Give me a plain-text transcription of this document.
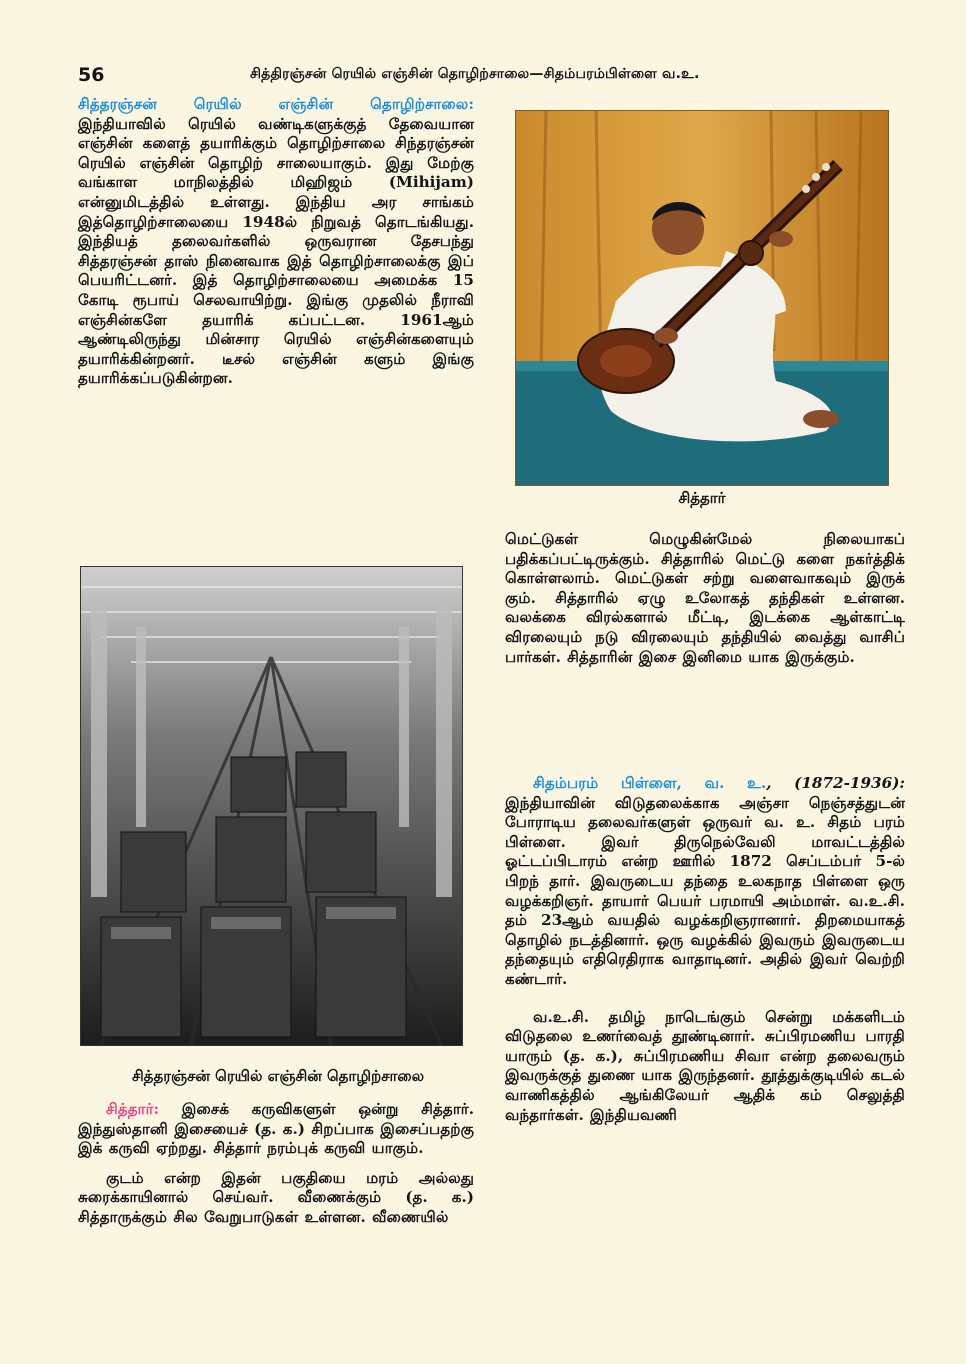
56	சித்திரஞ்சன் ரெயில் எஞ்சின் தொழிற்சாலை—சிதம்பரம்பிள்ளை வ.உ.

சித்தரஞ்சன் ரெயில் எஞ்சின் தொழிற்சாலை: இந்தியாவில் ரெயில் வண்டிகளுக்குத் தேவையான எஞ்சின் களைத் தயாரிக்கும் தொழிற்சாலை சிந்தரஞ்சன் ரெயில் எஞ்சின் தொழிற் சாலையாகும். இது மேற்கு வங்காள மாநிலத்தில் மிஹிஜம் (Mihijam) என்னுமிடத்தில் உள்ளது. இந்திய அர சாங்கம் இத்தொழிற்சாலையை 1948ல் நிறுவத் தொடங்கியது. இந்தியத் தலைவர்களில் ஒருவரான தேசபந்து சித்தரஞ்சன் தாஸ் நினைவாக இத் தொழிற்சாலைக்கு இப் பெயரிட்டனர். இத் தொழிற்சாலையை அமைக்க 15 கோடி ரூபாய் செலவாயிற்று. இங்கு முதலில் நீராவி எஞ்சின்களே தயாரிக் கப்பட்டன. 1961ஆம் ஆண்டிலிருந்து மின்சார ரெயில் எஞ்சின்களையும் தயாரிக்கின்றனர். டீசல் எஞ்சின் களும் இங்கு தயாரிக்கப்படுகின்றன.

சித்தரஞ்சன் ரெயில் எஞ்சின் தொழிற்சாலை

சித்தார்: இசைக் கருவிகளுள் ஒன்று சித்தார். இந்துஸ்தானி இசையைச் (த. க.) சிறப்பாக இசைப்பதற்கு இக் கருவி ஏற்றது. சித்தார் நரம்புக் கருவி யாகும்.

குடம் என்ற இதன் பகுதியை மரம் அல்லது சுரைக்காயினால் செய்வர். வீணைக்கும் (த. க.) சித்தாருக்கும் சில வேறுபாடுகள் உள்ளன. வீணையில்

சித்தார்

மெட்டுகள் மெழுகின்மேல் நிலையாகப் பதிக்கப்பட்டிருக்கும். சித்தாரில் மெட்டு களை நகர்த்திக் கொள்ளலாம். மெட்டுகள் சற்று வளைவாகவும் இருக் கும். சித்தாரில் ஏழு உலோகத் தந்திகள் உள்ளன. வலக்கை விரல்களால் மீட்டி, இடக்கை ஆள்காட்டி விரலையும் நடு விரலையும் தந்தியில் வைத்து வாசிப் பார்கள். சித்தாரின் இசை இனிமை யாக இருக்கும்.

சிதம்பரம் பிள்ளை, வ. உ., (1872-1936): இந்தியாவின் விடுதலைக்காக அஞ்சா நெஞ்சத்துடன் போராடிய தலைவர்களுள் ஒருவர் வ. உ. சிதம் பரம் பிள்ளை. இவர் திருநெல்வேலி மாவட்டத்தில் ஓட்டப்பிடாரம் என்ற ஊரில் 1872 செப்டம்பர் 5-ல் பிறந் தார். இவருடைய தந்தை உலகநாத பிள்ளை ஒரு வழக்கறிஞர். தாயார் பெயர் பரமாயி அம்மாள். வ.உ.சி. தம் 23ஆம் வயதில் வழக்கறிஞரானார். திறமையாகத் தொழில் நடத்தினார். ஒரு வழக்கில் இவரும் இவருடைய தந்தையும் எதிரெதிராக வாதாடினர். அதில் இவர் வெற்றி கண்டார்.

வ.உ.சி. தமிழ் நாடெங்கும் சென்று மக்களிடம் விடுதலை உணர்வைத் தூண்டினார். சுப்பிரமணிய பாரதி யாரும் (த. க.), சுப்பிரமணிய சிவா என்ற தலைவரும் இவருக்குத் துணை யாக இருந்தனர். தூத்துக்குடியில் கடல் வாணிகத்தில் ஆங்கிலேயர் ஆதிக் கம் செலுத்தி வந்தார்கள். இந்தியவணி
